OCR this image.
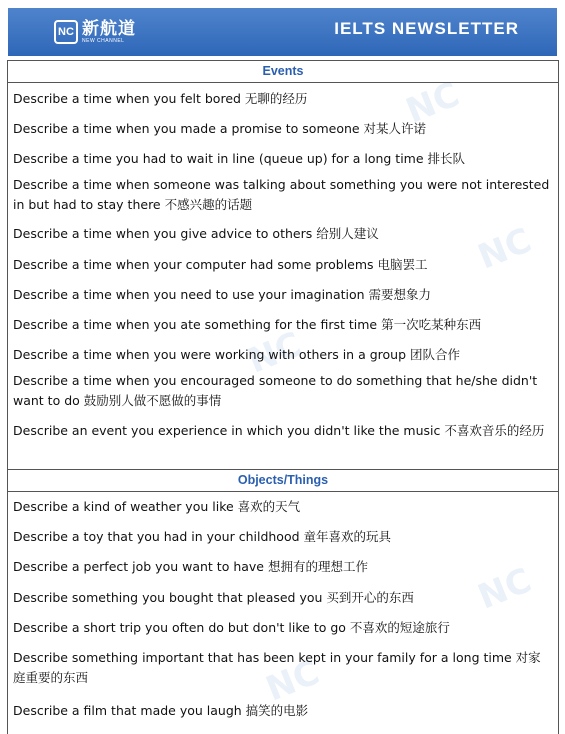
NC 新航道
NEW CHANNEL
IELTS NEWSLETTER
NC
NC
NC
NC
NC
Events
Describe a time when you felt bored 无聊的经历
Describe a time when you made a promise to someone 对某人许诺
Describe a time you had to wait in line (queue up) for a long time 排长队
Describe a time when someone was talking about something you were not interested in but had to stay there 不感兴趣的话题
Describe a time when you give advice to others 给别人建议
Describe a time when your computer had some problems 电脑罢工
Describe a time when you need to use your imagination 需要想象力
Describe a time when you ate something for the first time 第一次吃某种东西
Describe a time when you were working with others in a group 团队合作
Describe a time when you encouraged someone to do something that he/she didn't want to do 鼓励别人做不愿做的事情
Describe an event you experience in which you didn't like the music 不喜欢音乐的经历
Objects/Things
Describe a kind of weather you like 喜欢的天气
Describe a toy that you had in your childhood 童年喜欢的玩具
Describe a perfect job you want to have 想拥有的理想工作
Describe something you bought that pleased you 买到开心的东西
Describe a short trip you often do but don't like to go 不喜欢的短途旅行
Describe something important that has been kept in your family for a long time 对家庭重要的东西
Describe a film that made you laugh 搞笑的电影
